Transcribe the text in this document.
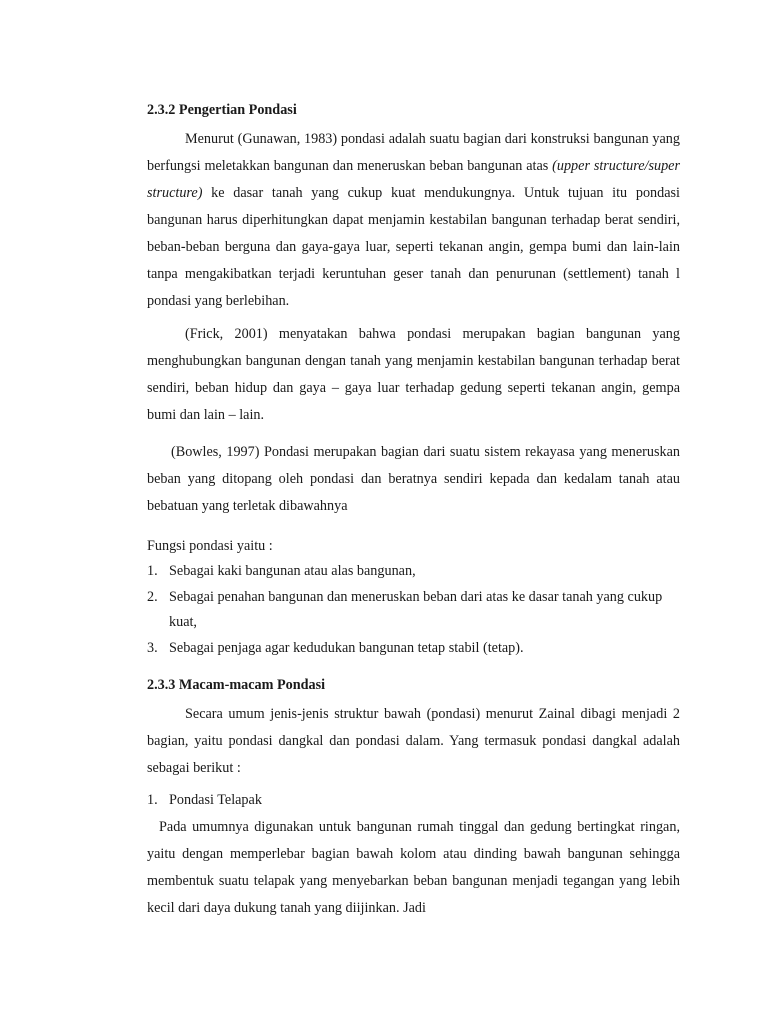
2.3.2 Pengertian Pondasi

Menurut (Gunawan, 1983) pondasi adalah suatu bagian dari konstruksi bangunan yang berfungsi meletakkan bangunan dan meneruskan beban bangunan atas (upper structure/super structure) ke dasar tanah yang cukup kuat mendukungnya. Untuk tujuan itu pondasi bangunan harus diperhitungkan dapat menjamin kestabilan bangunan terhadap berat sendiri, beban-beban berguna dan gaya-gaya luar, seperti tekanan angin, gempa bumi dan lain-lain tanpa mengakibatkan terjadi keruntuhan geser tanah dan penurunan (settlement) tanah l pondasi yang berlebihan.

(Frick, 2001) menyatakan bahwa pondasi merupakan bagian bangunan yang menghubungkan bangunan dengan tanah yang menjamin kestabilan bangunan terhadap berat sendiri, beban hidup dan gaya – gaya luar terhadap gedung seperti tekanan angin, gempa bumi dan lain – lain.

(Bowles, 1997) Pondasi merupakan bagian dari suatu sistem rekayasa yang meneruskan beban yang ditopang oleh pondasi dan beratnya sendiri kepada dan kedalam tanah atau bebatuan yang terletak dibawahnya

Fungsi pondasi yaitu :

1. Sebagai kaki bangunan atau alas bangunan,
2. Sebagai penahan bangunan dan meneruskan beban dari atas ke dasar tanah yang cukup kuat,
3. Sebagai penjaga agar kedudukan bangunan tetap stabil (tetap).
2.3.3 Macam-macam Pondasi

Secara umum jenis-jenis struktur bawah (pondasi) menurut Zainal dibagi menjadi 2 bagian, yaitu pondasi dangkal dan pondasi dalam. Yang termasuk pondasi dangkal adalah sebagai berikut :

1. Pondasi Telapak

Pada umumnya digunakan untuk bangunan rumah tinggal dan gedung bertingkat ringan, yaitu dengan memperlebar bagian bawah kolom atau dinding bawah bangunan sehingga membentuk suatu telapak yang menyebarkan beban bangunan menjadi tegangan yang lebih kecil dari daya dukung tanah yang diijinkan. Jadi
